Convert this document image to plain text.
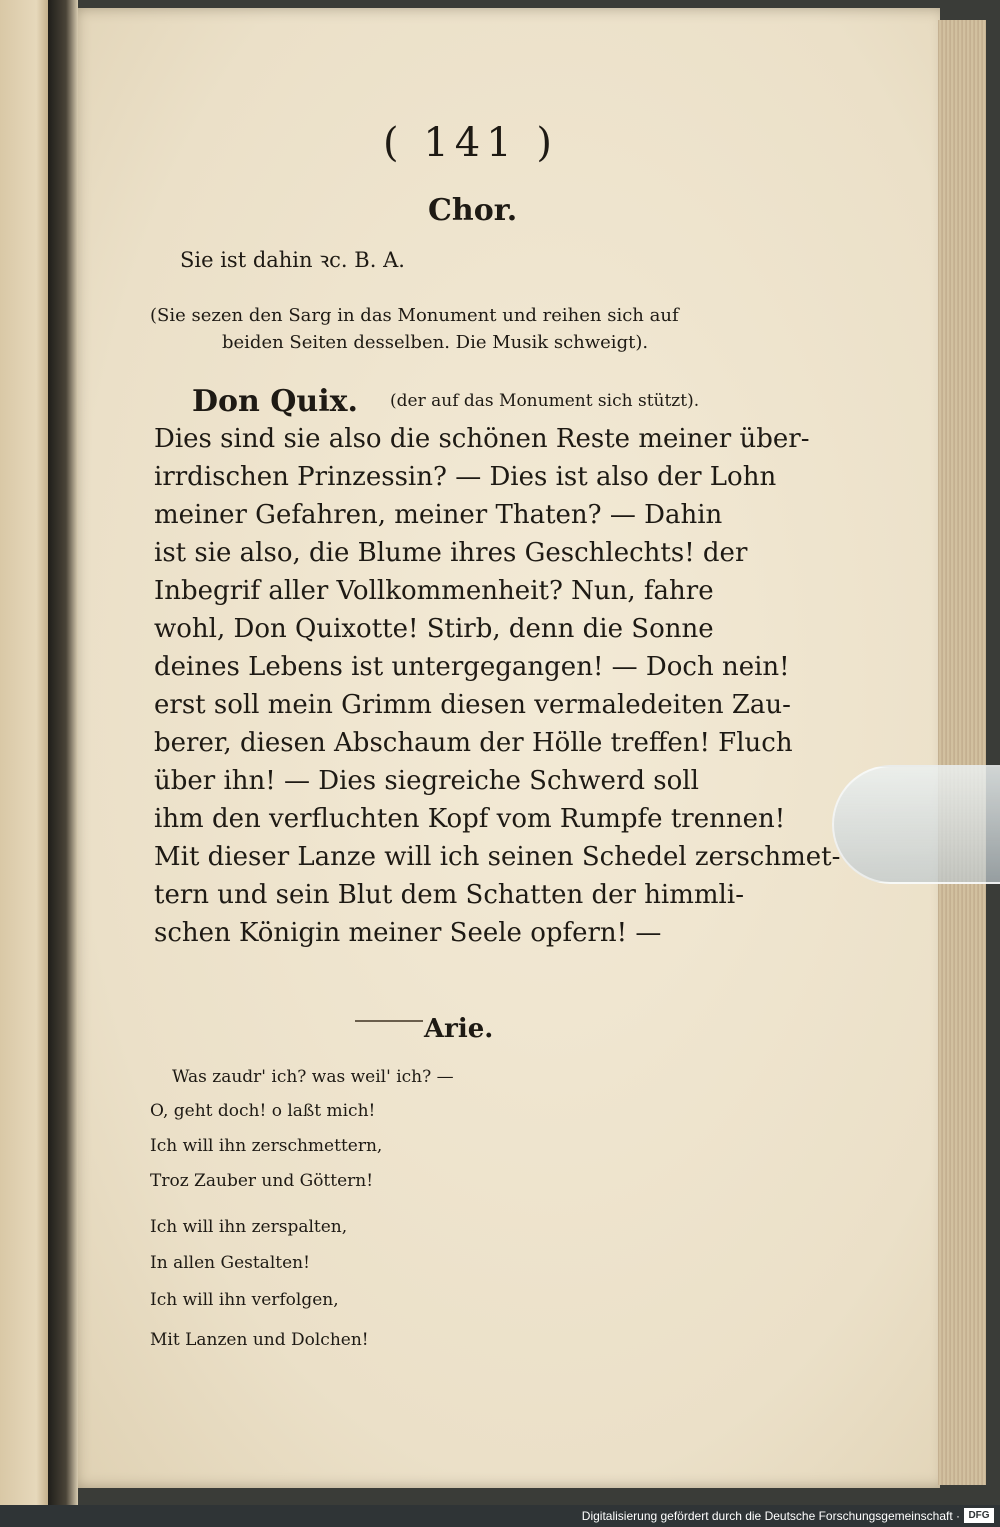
( 141 )
Chor.
Sie ist dahin ꝛc. B. A.
(Sie sezen den Sarg in das Monument und reihen sich auf
beiden Seiten desselben. Die Musik schweigt).
Don Quix. (der auf das Monument sich stützt).
Dies sind sie also die schönen Reste meiner über-
irrdischen Prinzessin? — Dies ist also der Lohn
meiner Gefahren, meiner Thaten? — Dahin
ist sie also, die Blume ihres Geschlechts! der
Inbegrif aller Vollkommenheit? Nun, fahre
wohl, Don Quixotte! Stirb, denn die Sonne
deines Lebens ist untergegangen! — Doch nein!
erst soll mein Grimm diesen vermaledeiten Zau-
berer, diesen Abschaum der Hölle treffen! Fluch
über ihn! — Dies siegreiche Schwerd soll
ihm den verfluchten Kopf vom Rumpfe trennen!
Mit dieser Lanze will ich seinen Schedel zerschmet-
tern und sein Blut dem Schatten der himmli-
schen Königin meiner Seele opfern! —
Arie.
Was zaudr' ich? was weil' ich? —
O, geht doch! o laßt mich!
Ich will ihn zerschmettern,
Troz Zauber und Göttern!
Ich will ihn zerspalten,
In allen Gestalten!
Ich will ihn verfolgen,
Mit Lanzen und Dolchen!
Digitalisierung gefördert durch die Deutsche Forschungsgemeinschaft · DFG
